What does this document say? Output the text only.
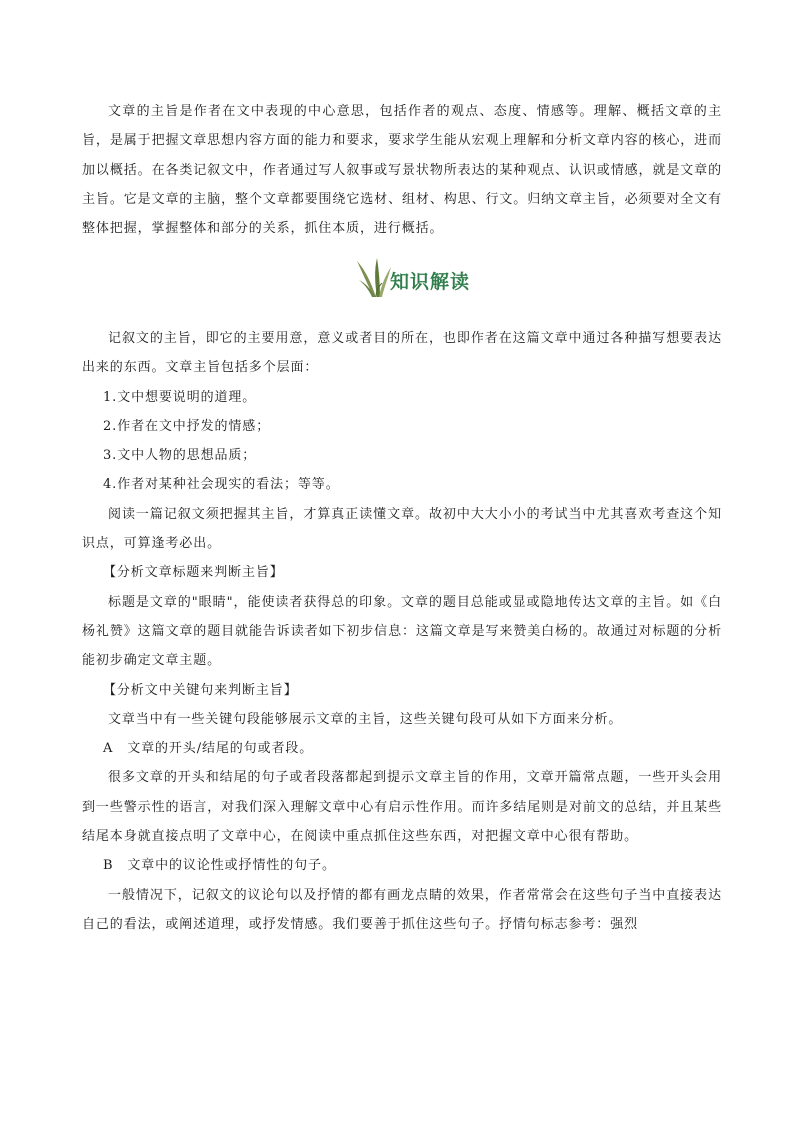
文章的主旨是作者在文中表现的中心意思，包括作者的观点、态度、情感等。理解、概括文章的主旨，是属于把握文章思想内容方面的能力和要求，要求学生能从宏观上理解和分析文章内容的核心，进而加以概括。在各类记叙文中，作者通过写人叙事或写景状物所表达的某种观点、认识或情感，就是文章的主旨。它是文章的主脑，整个文章都要围绕它选材、组材、构思、行文。归纳文章主旨，必须要对全文有整体把握，掌握整体和部分的关系，抓住本质，进行概括。

知识解读

记叙文的主旨，即它的主要用意，意义或者目的所在，也即作者在这篇文章中通过各种描写想要表达出来的东西。文章主旨包括多个层面：

1.文中想要说明的道理。

2.作者在文中抒发的情感；

3.文中人物的思想品质；

4.作者对某种社会现实的看法；等等。

阅读一篇记叙文须把握其主旨，才算真正读懂文章。故初中大大小小的考试当中尤其喜欢考查这个知识点，可算逢考必出。

【分析文章标题来判断主旨】

标题是文章的"眼睛"，能使读者获得总的印象。文章的题目总能或显或隐地传达文章的主旨。如《白杨礼赞》这篇文章的题目就能告诉读者如下初步信息：这篇文章是写来赞美白杨的。故通过对标题的分析能初步确定文章主题。

【分析文中关键句来判断主旨】

文章当中有一些关键句段能够展示文章的主旨，这些关键句段可从如下方面来分析。

A　文章的开头/结尾的句或者段。

很多文章的开头和结尾的句子或者段落都起到提示文章主旨的作用，文章开篇常点题，一些开头会用到一些警示性的语言，对我们深入理解文章中心有启示性作用。而许多结尾则是对前文的总结，并且某些结尾本身就直接点明了文章中心，在阅读中重点抓住这些东西，对把握文章中心很有帮助。

B　文章中的议论性或抒情性的句子。

一般情况下，记叙文的议论句以及抒情的都有画龙点睛的效果，作者常常会在这些句子当中直接表达自己的看法，或阐述道理，或抒发情感。我们要善于抓住这些句子。抒情句标志参考：强烈
